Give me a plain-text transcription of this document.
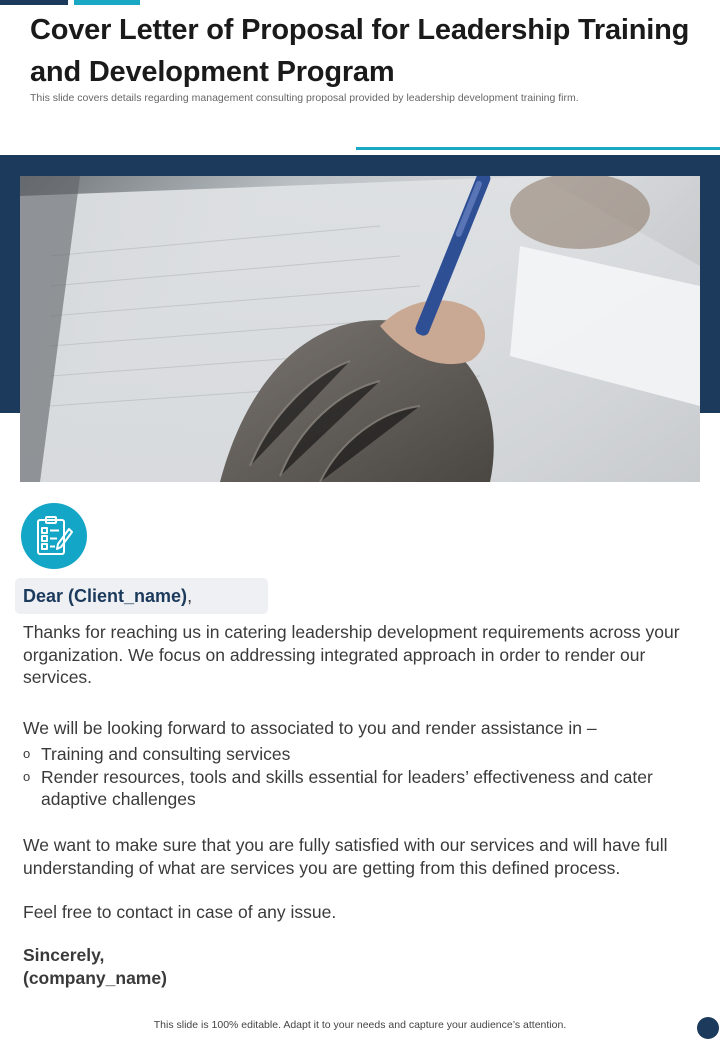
Cover Letter of Proposal for Leadership Training and Development Program
This slide covers details regarding management consulting proposal provided by leadership development training firm.
Dear (Client_name) ,
Thanks for reaching us in catering leadership development requirements across your organization. We focus on addressing integrated approach in order to render our services.
We will be looking forward to associated to you and render assistance in –
o Training and consulting services
o Render resources, tools and skills essential for leaders’ effectiveness and cater adaptive challenges
We want to make sure that you are fully satisfied with our services and will have full understanding of what are services you are getting from this defined process.
Feel free to contact in case of any issue.
Sincerely,
(company_name)
This slide is 100% editable. Adapt it to your needs and capture your audience’s attention.
